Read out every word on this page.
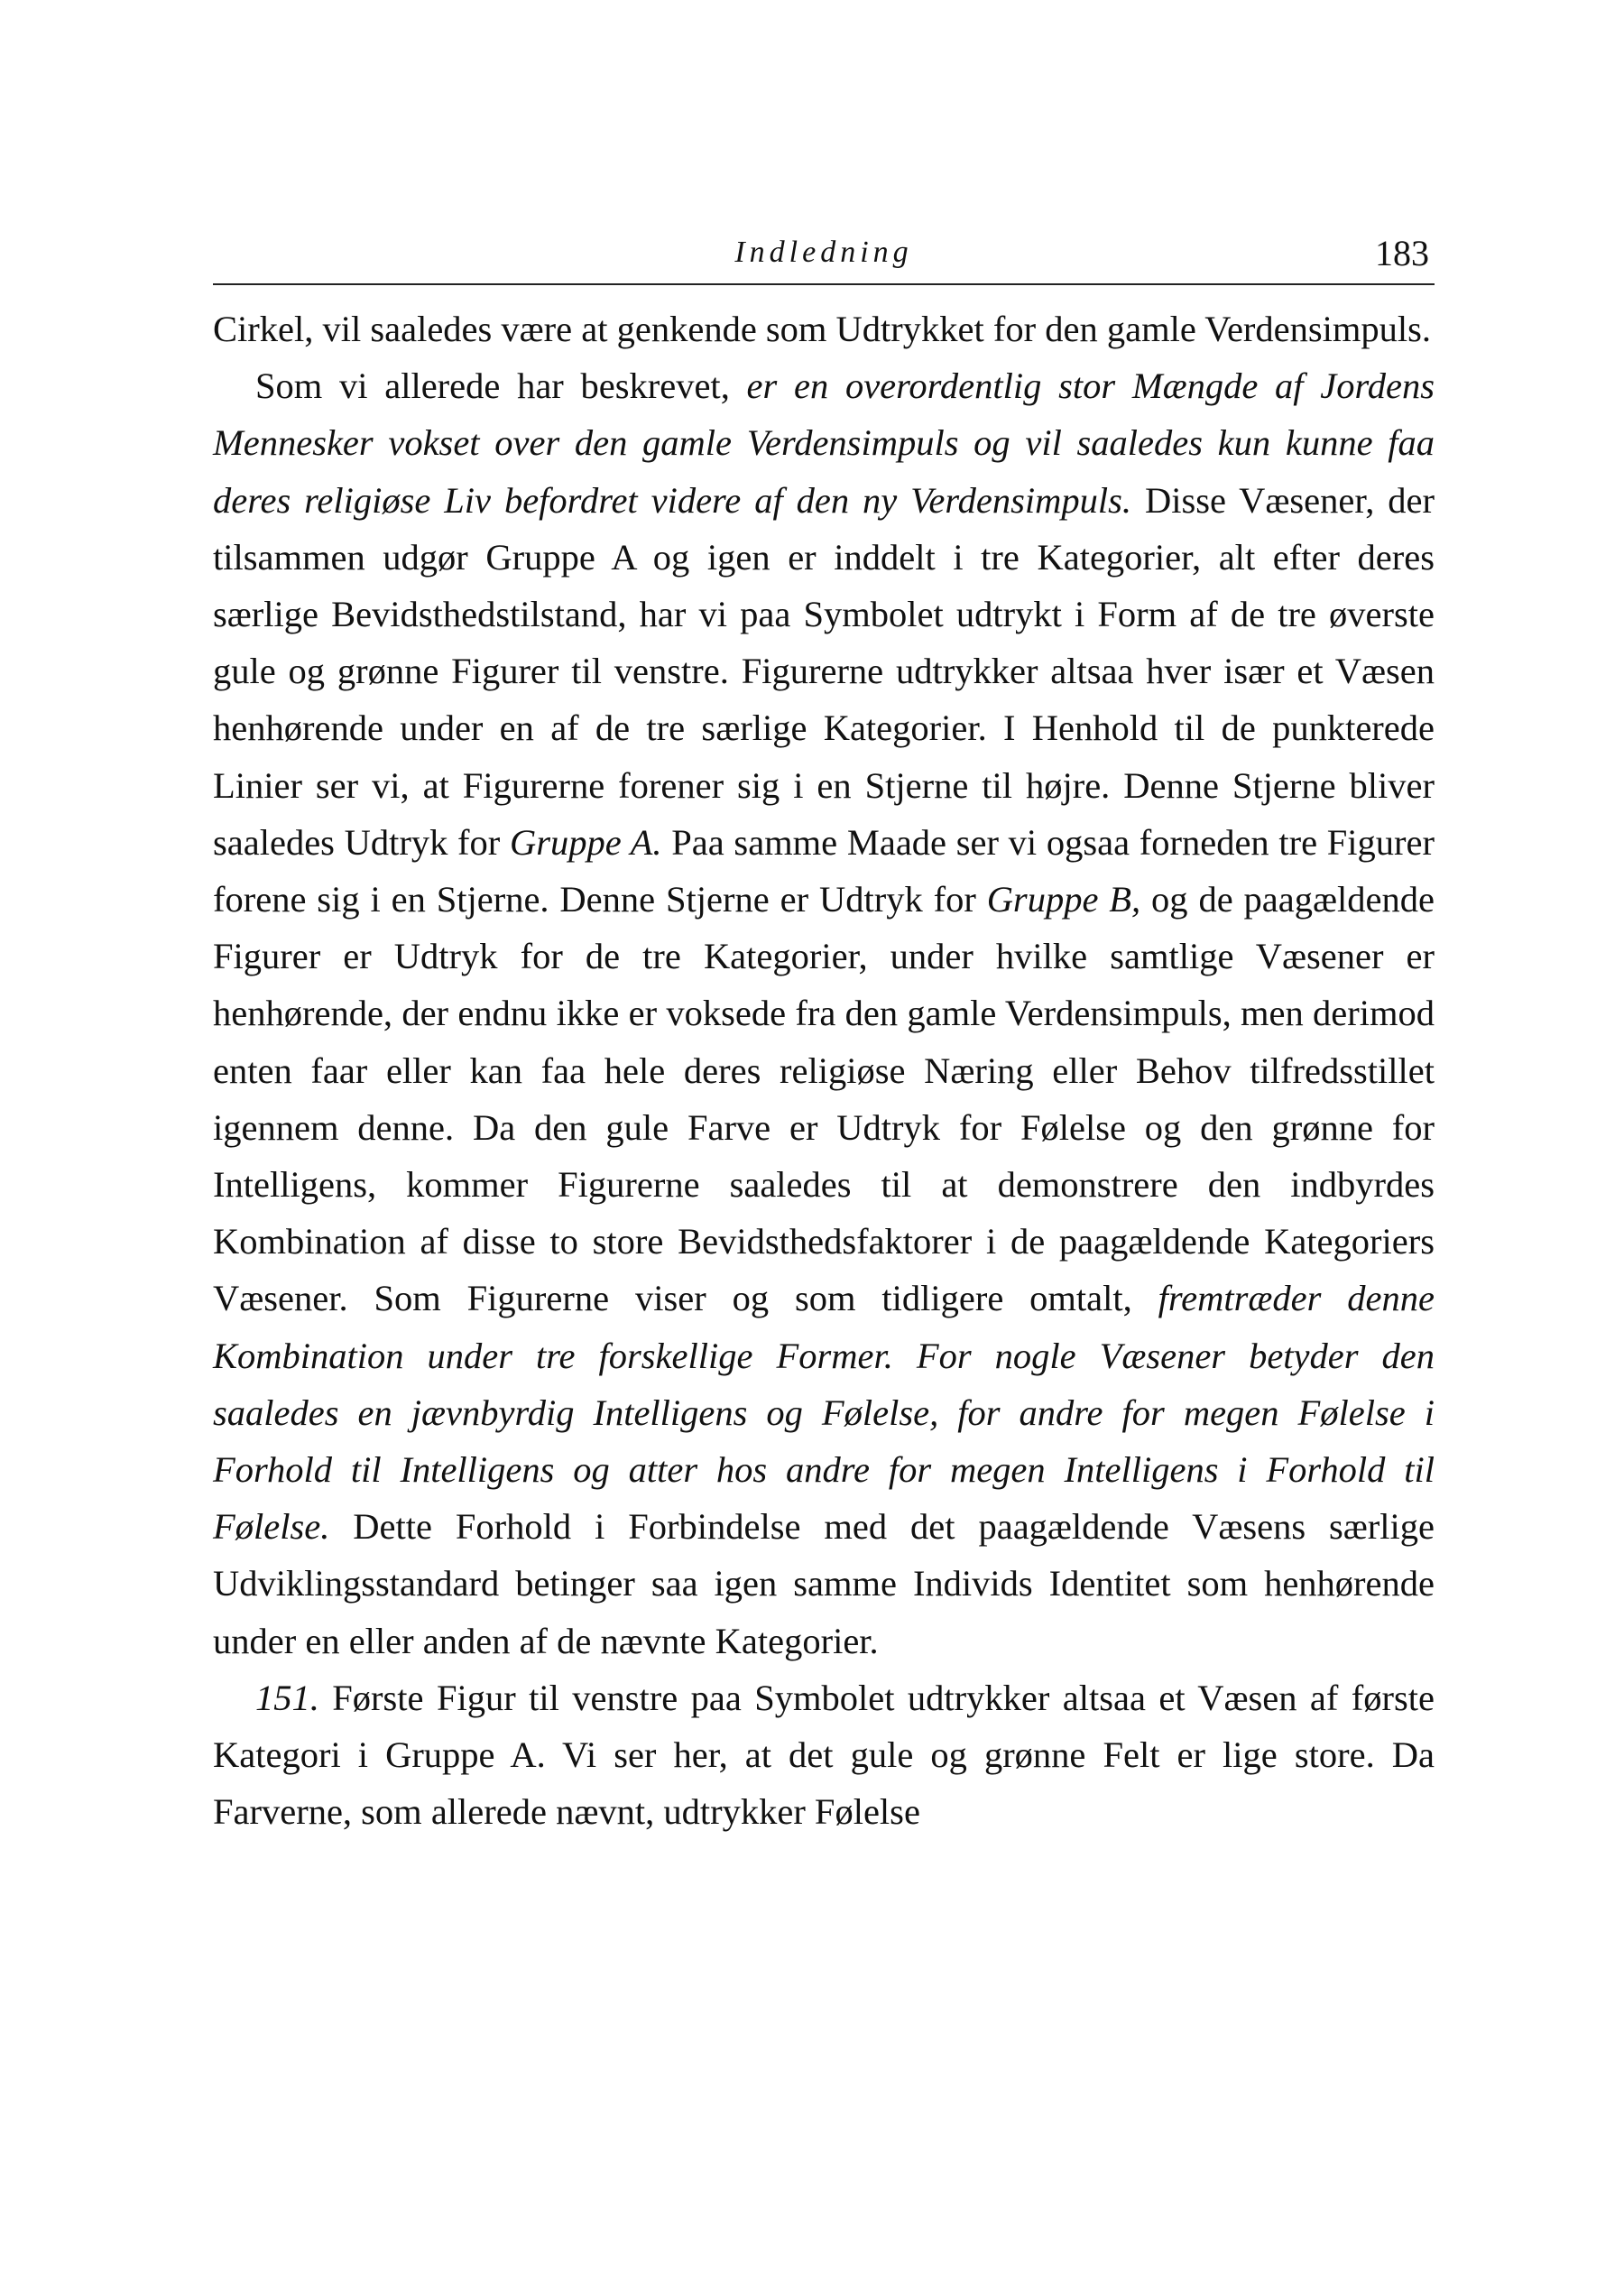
Indledning	183

Cirkel, vil saaledes være at genkende som Udtrykket for den gamle Verdensimpuls.

Som vi allerede har beskrevet, er en overordentlig stor Mængde af Jordens Mennesker vokset over den gamle Verdensimpuls og vil saaledes kun kunne faa deres religiøse Liv befordret videre af den ny Verdensimpuls. Disse Væsener, der tilsammen udgør Gruppe A og igen er inddelt i tre Kategorier, alt efter deres særlige Bevidsthedstilstand, har vi paa Symbolet udtrykt i Form af de tre øverste gule og grønne Figurer til venstre. Figurerne udtrykker altsaa hver især et Væsen henhørende under en af de tre særlige Kategorier. I Henhold til de punkterede Linier ser vi, at Figurerne forener sig i en Stjerne til højre. Denne Stjerne bliver saaledes Udtryk for Gruppe A. Paa samme Maade ser vi ogsaa forneden tre Figurer forene sig i en Stjerne. Denne Stjerne er Udtryk for Gruppe B, og de paagældende Figurer er Udtryk for de tre Kategorier, under hvilke samtlige Væsener er henhørende, der endnu ikke er voksede fra den gamle Verdensimpuls, men derimod enten faar eller kan faa hele deres religiøse Næring eller Behov tilfredsstillet igennem denne. Da den gule Farve er Udtryk for Følelse og den grønne for Intelligens, kommer Figurerne saaledes til at demonstrere den indbyrdes Kombination af disse to store Bevidsthedsfaktorer i de paagældende Kategoriers Væsener. Som Figurerne viser og som tidligere omtalt, fremtræder denne Kombination under tre forskellige Former. For nogle Væsener betyder den saaledes en jævnbyrdig Intelligens og Følelse, for andre for megen Følelse i Forhold til Intelligens og atter hos andre for megen Intelligens i Forhold til Følelse. Dette Forhold i Forbindelse med det paagældende Væsens særlige Udviklingsstandard betinger saa igen samme Individs Identitet som henhørende under en eller anden af de nævnte Kategorier.

151. Første Figur til venstre paa Symbolet udtrykker altsaa et Væsen af første Kategori i Gruppe A. Vi ser her, at det gule og grønne Felt er lige store. Da Farverne, som allerede nævnt, udtrykker Følelse
